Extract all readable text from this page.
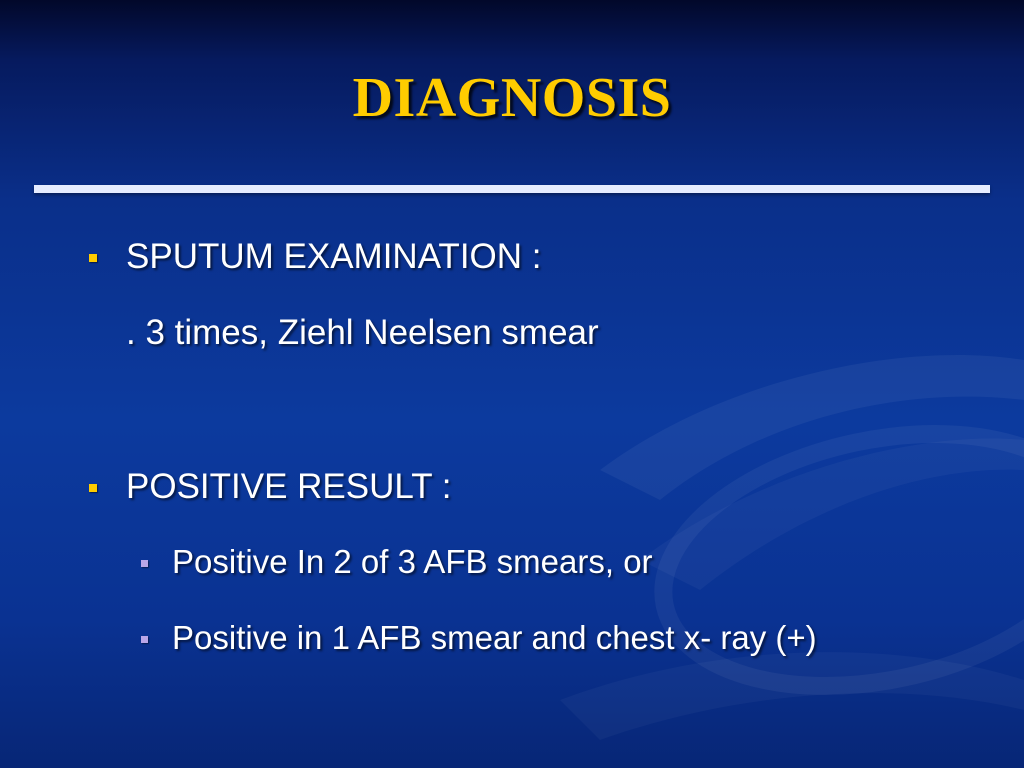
DIAGNOSIS
SPUTUM EXAMINATION :
. 3 times, Ziehl Neelsen smear
POSITIVE RESULT :
Positive In 2 of 3 AFB smears, or
Positive in 1 AFB smear and chest x- ray (+)
